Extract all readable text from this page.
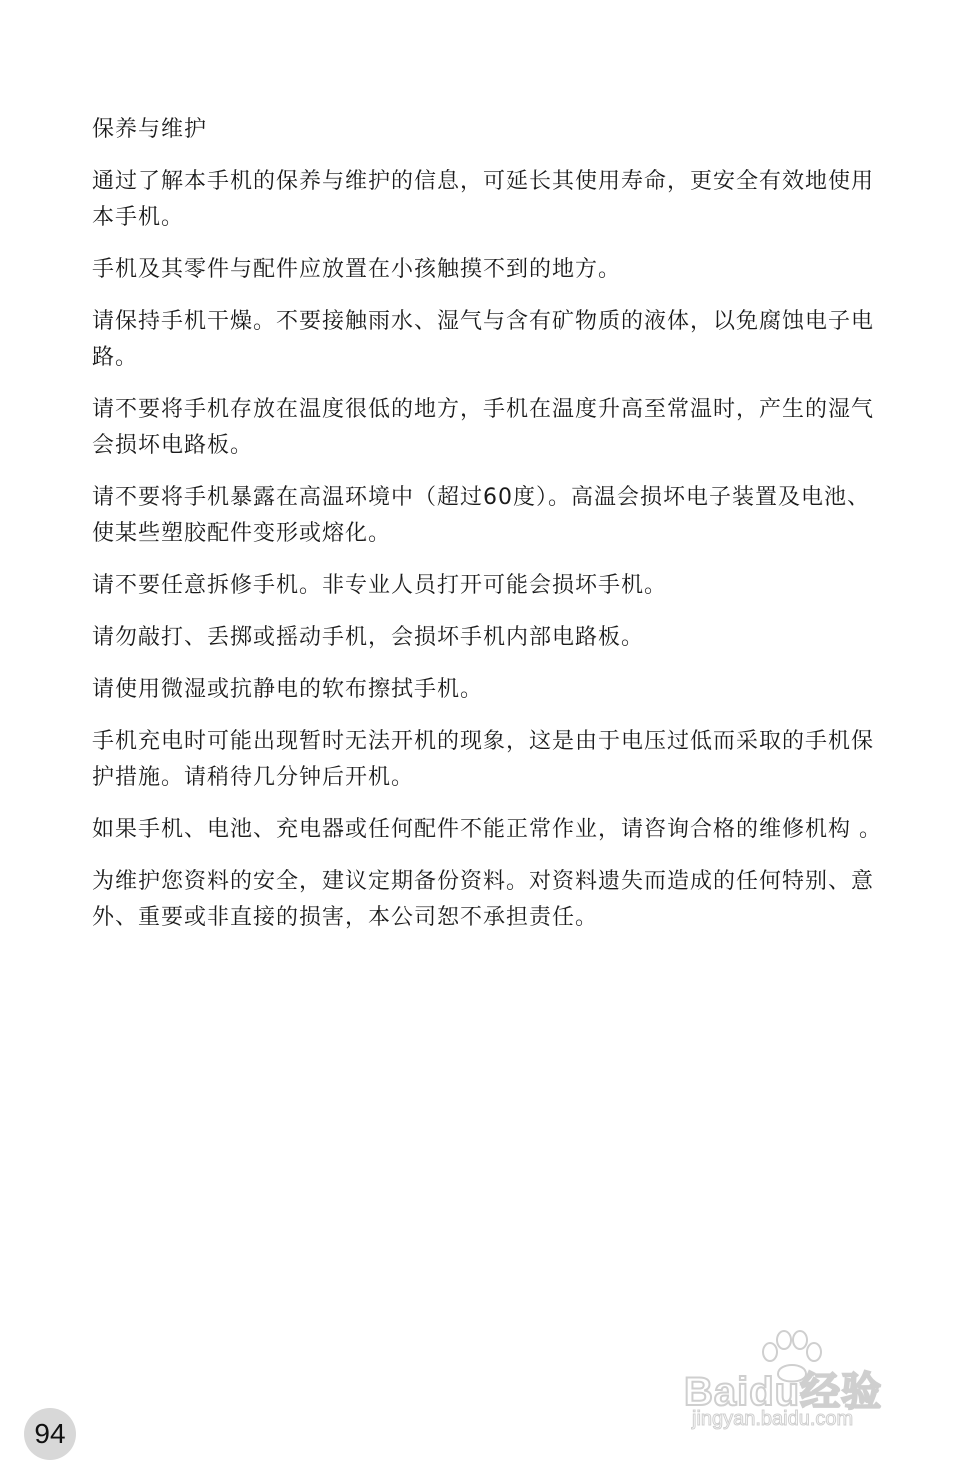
保养与维护

通过了解本手机的保养与维护的信息，可延长其使用寿命，更安全有效地使用本手机。

手机及其零件与配件应放置在小孩触摸不到的地方。

请保持手机干燥。不要接触雨水、湿气与含有矿物质的液体，以免腐蚀电子电路。

请不要将手机存放在温度很低的地方，手机在温度升高至常温时，产生的湿气会损坏电路板。

请不要将手机暴露在高温环境中（超过60度）。高温会损坏电子装置及电池、使某些塑胶配件变形或熔化。

请不要任意拆修手机。非专业人员打开可能会损坏手机。

请勿敲打、丢掷或摇动手机，会损坏手机内部电路板。

请使用微湿或抗静电的软布擦拭手机。

手机充电时可能出现暂时无法开机的现象，这是由于电压过低而采取的手机保护措施。请稍待几分钟后开机。

如果手机、电池、充电器或任何配件不能正常作业，请咨询合格的维修机构 。

为维护您资料的安全，建议定期备份资料。对资料遗失而造成的任何特别、意外、重要或非直接的损害，本公司恕不承担责任。

Baidu经验
jingyan.baidu.com
94
